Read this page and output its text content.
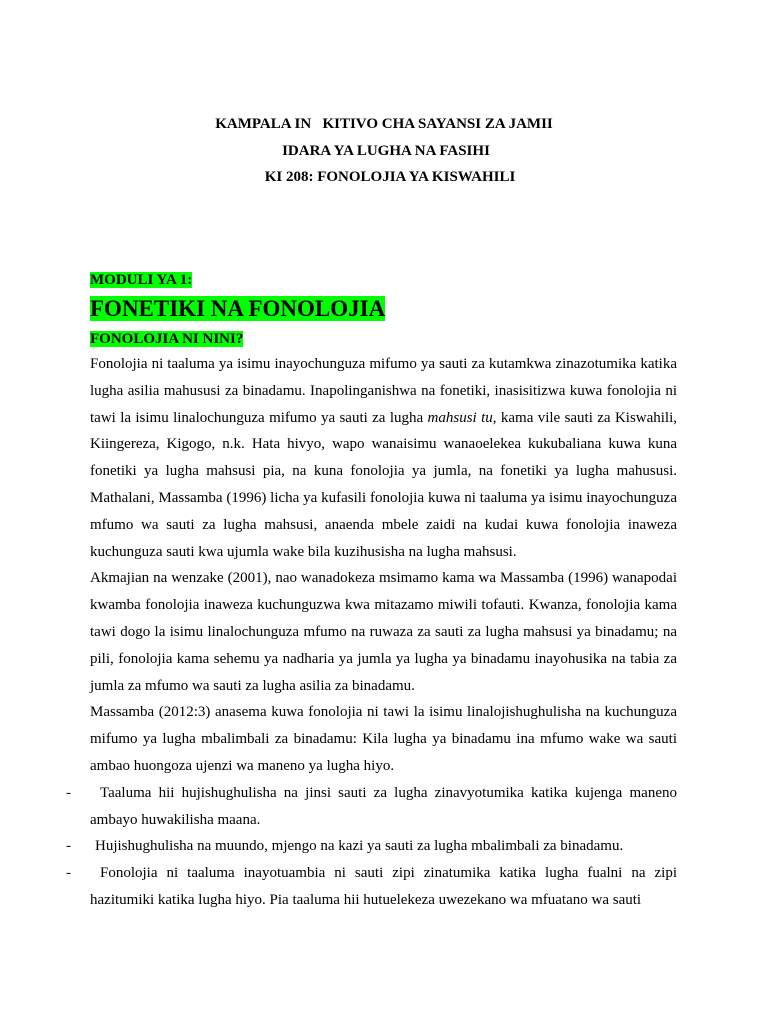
KAMPALA IN   KITIVO CHA SAYANSI ZA JAMII
IDARA YA LUGHA NA FASIHI
KI 208: FONOLOJIA YA KISWAHILI
MODULI YA 1:
FONETIKI NA FONOLOJIA
FONOLOJIA NI NINI?

Fonolojia ni taaluma ya isimu inayochunguza mifumo ya sauti za kutamkwa zinazotumika katika lugha asilia mahususi za binadamu. Inapolinganishwa na fonetiki, inasisitizwa kuwa fonolojia ni tawi la isimu linalochunguza mifumo ya sauti za lugha mahsusi tu, kama vile sauti za Kiswahili, Kiingereza, Kigogo, n.k. Hata hivyo, wapo wanaisimu wanaoelekea kukubaliana kuwa kuna fonetiki ya lugha mahsusi pia, na kuna fonolojia ya jumla, na fonetiki ya lugha mahususi. Mathalani, Massamba (1996) licha ya kufasili fonolojia kuwa ni taaluma ya isimu inayochunguza mfumo wa sauti za lugha mahsusi, anaenda mbele zaidi na kudai kuwa fonolojia inaweza kuchunguza sauti kwa ujumla wake bila kuzihusisha na lugha mahsusi.

Akmajian na wenzake (2001), nao wanadokeza msimamo kama wa Massamba (1996) wanapodai kwamba fonolojia inaweza kuchunguzwa kwa mitazamo miwili tofauti. Kwanza, fonolojia kama tawi dogo la isimu linalochunguza mfumo na ruwaza za sauti za lugha mahsusi ya binadamu; na pili, fonolojia kama sehemu ya nadharia ya jumla ya lugha ya binadamu inayohusika na tabia za jumla za mfumo wa sauti za lugha asilia za binadamu.

Massamba (2012:3) anasema kuwa fonolojia ni tawi la isimu linalojishughulisha na kuchunguza mifumo ya lugha mbalimbali za binadamu: Kila lugha ya binadamu ina mfumo wake wa sauti ambao huongoza ujenzi wa maneno ya lugha hiyo.

-	Taaluma hii hujishughulisha na jinsi sauti za lugha zinavyotumika katika kujenga maneno ambayo huwakilisha maana.
-	Hujishughulisha na muundo, mjengo na kazi ya sauti za lugha mbalimbali za binadamu.
-	Fonolojia ni taaluma inayotuambia ni sauti zipi zinatumika katika lugha fualni na zipi hazitumiki katika lugha hiyo. Pia taaluma hii hutuelekeza uwezekano wa mfuatano wa sauti
